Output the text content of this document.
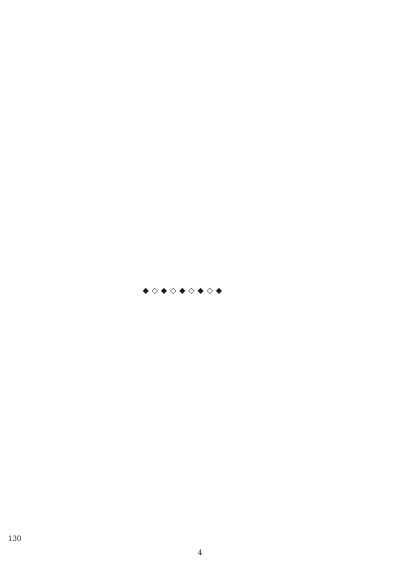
◆◇◆◇◆◇◆◇◆

130
4
